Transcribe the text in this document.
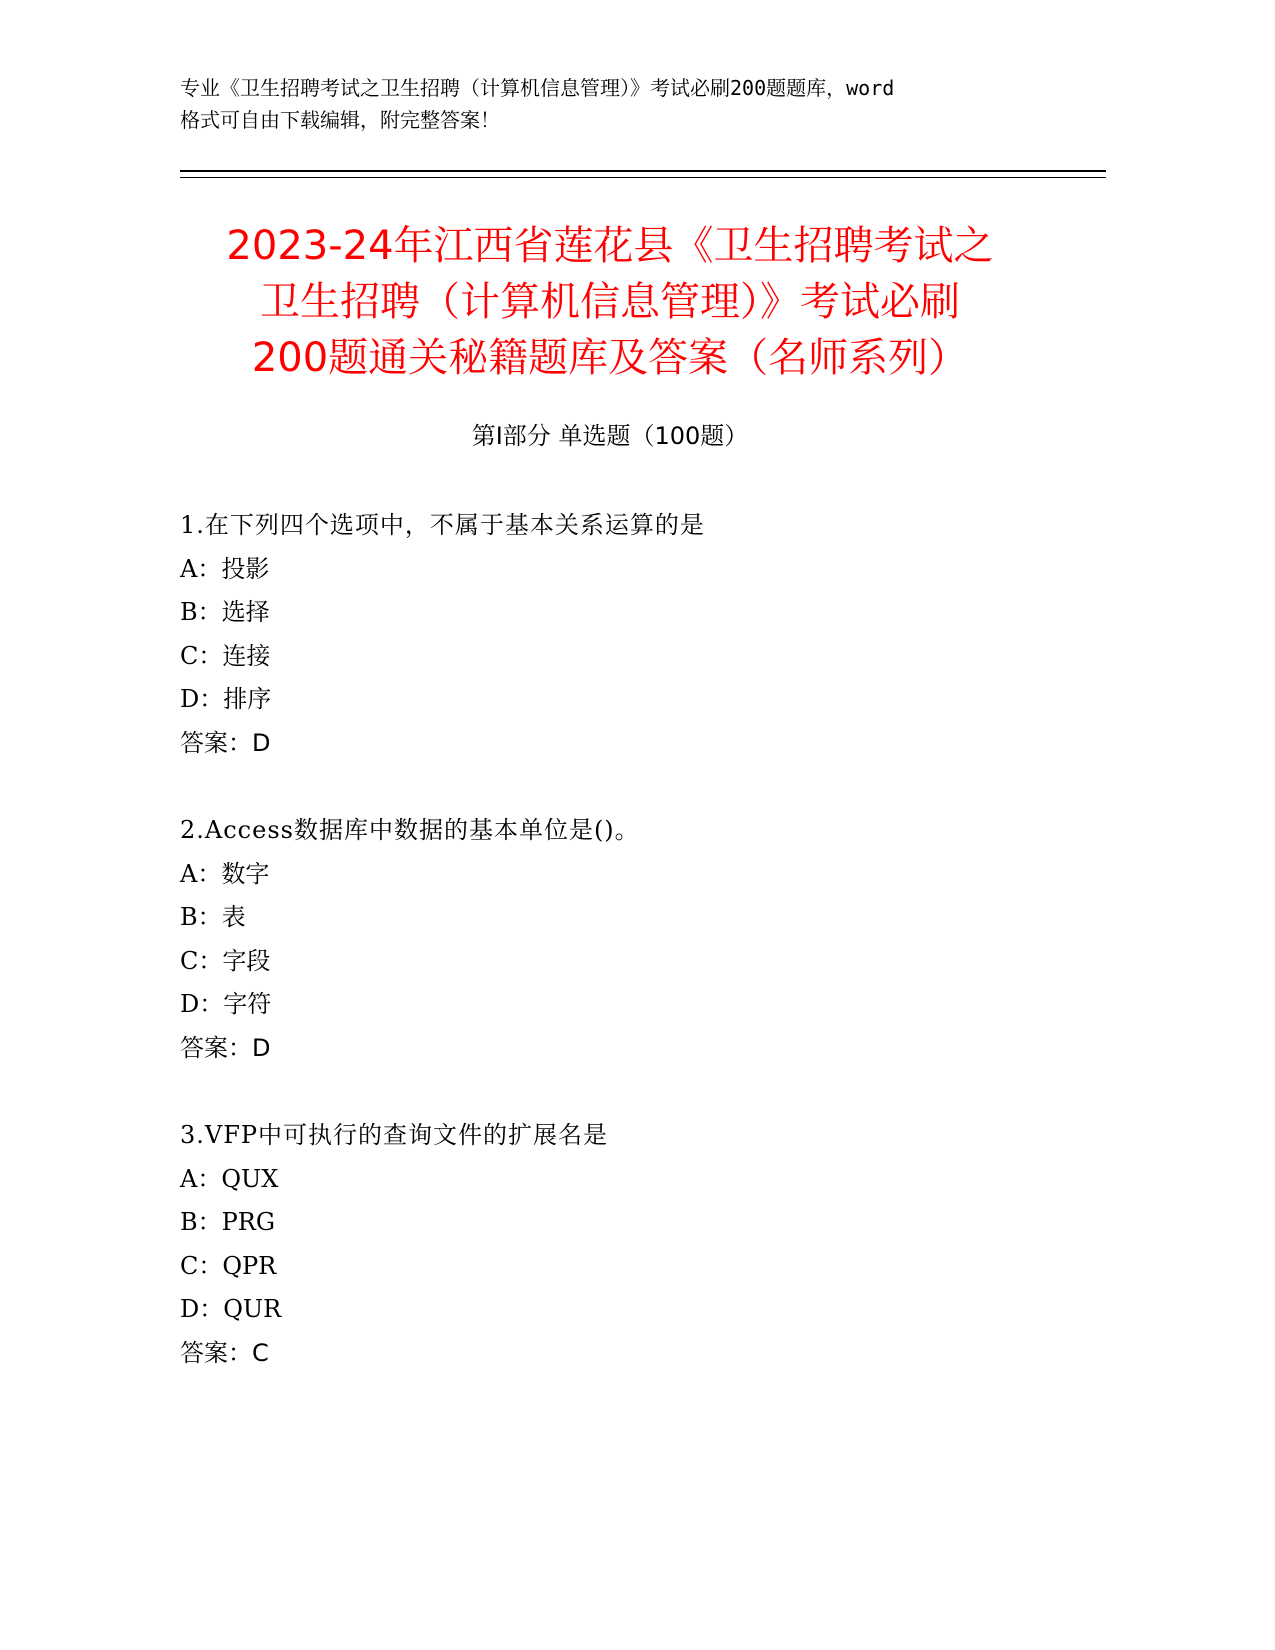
专业《卫生招聘考试之卫生招聘（计算机信息管理）》考试必刷200题题库，word
格式可自由下载编辑，附完整答案！
2023-24年江西省莲花县《卫生招聘考试之
卫生招聘（计算机信息管理）》考试必刷
200题通关秘籍题库及答案（名师系列）
第Ⅰ部分 单选题（100题）
1.在下列四个选项中，不属于基本关系运算的是
A：投影
B：选择
C：连接
D：排序
答案：D
2.Access数据库中数据的基本单位是()。
A：数字
B：表
C：字段
D：字符
答案：D
3.VFP中可执行的查询文件的扩展名是
A：QUX
B：PRG
C：QPR
D：QUR
答案：C
